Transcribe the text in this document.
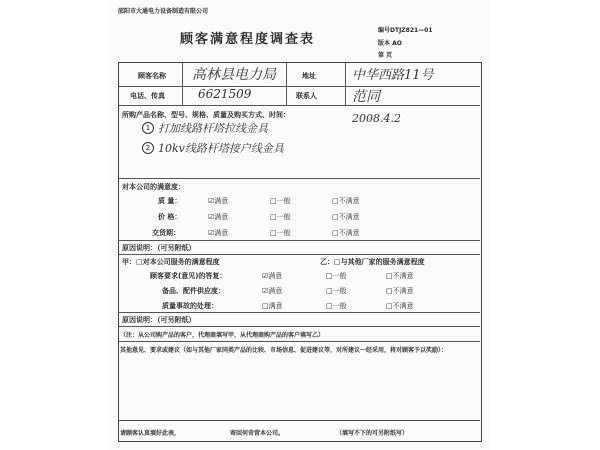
邵阳市大通电力设备制造有限公司
编号DTJZ821—01
顾客满意程度调查表	版本 AO
第 页
顾客名称 高林县电力局	地址	中华西路11号
电话、传真	6621509	联系人	范同
所购产品名称、型号、规格、质量及购买方式、时间：
1 打加线路杆塔拉线金具
2 10kv线路杆塔接户线金具
2008.4.2
对本公司的满意度：
质 量：	☑满意	□一般	□不满意
价 格：	☑满意	□一般	□不满意
交货期：	☑满意	□一般	□不满意
原因说明：（可另附纸）
甲：□对本公司服务的满意程度	乙：□与其他厂家的服务满意程度
顾客要求(意见)的答复：	☑满意	□一般	□不满意
备品、配件供应度：	☑满意	□一般	□不满意
质量事故的处理：	□满意	□一般	□不满意
原因说明：（可另附纸）
（注：从公司购产品的客户，代理商填写甲，从代理商购产品的客户填写乙）
其他意见、要求或建议（如与其他厂家同类产品的比较、市场信息、促进建议等，对所建议一经采用，将对顾客予以奖励）：
请顾客认真填好此表，	寄回何奇营本公司。	（填写不下的可另附纸写）
